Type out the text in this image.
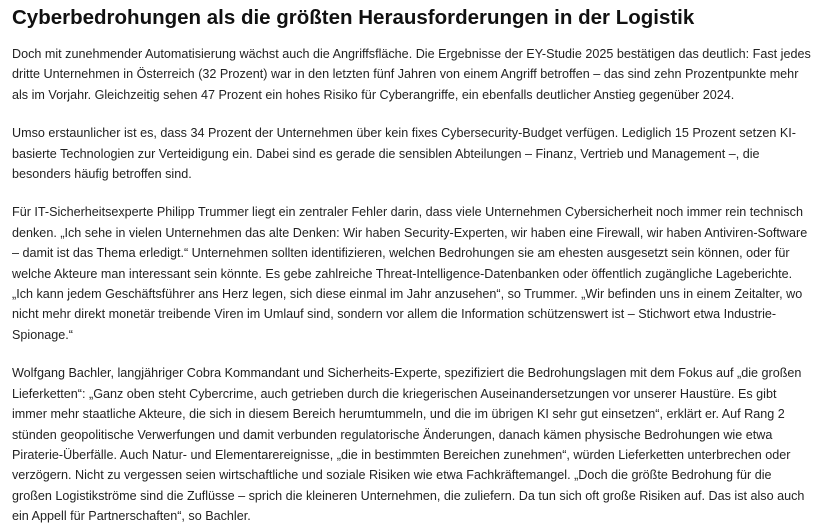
Cyberbedrohungen als die größten Herausforderungen in der Logistik

Doch mit zunehmender Automatisierung wächst auch die Angriffsfläche. Die Ergebnisse der EY-Studie 2025 bestätigen das deutlich: Fast jedes dritte Unternehmen in Österreich (32 Prozent) war in den letzten fünf Jahren von einem Angriff betroffen – das sind zehn Prozentpunkte mehr als im Vorjahr. Gleichzeitig sehen 47 Prozent ein hohes Risiko für Cyberangriffe, ein ebenfalls deutlicher Anstieg gegenüber 2024.

Umso erstaunlicher ist es, dass 34 Prozent der Unternehmen über kein fixes Cybersecurity-Budget verfügen. Lediglich 15 Prozent setzen KI-basierte Technologien zur Verteidigung ein. Dabei sind es gerade die sensiblen Abteilungen – Finanz, Vertrieb und Management –, die besonders häufig betroffen sind.

Für IT-Sicherheitsexperte Philipp Trummer liegt ein zentraler Fehler darin, dass viele Unternehmen Cybersicherheit noch immer rein technisch denken. „Ich sehe in vielen Unternehmen das alte Denken: Wir haben Security-Experten, wir haben eine Firewall, wir haben Antiviren-Software – damit ist das Thema erledigt.“ Unternehmen sollten identifizieren, welchen Bedrohungen sie am ehesten ausgesetzt sein können, oder für welche Akteure man interessant sein könnte. Es gebe zahlreiche Threat-Intelligence-Datenbanken oder öffentlich zugängliche Lageberichte. „Ich kann jedem Geschäftsführer ans Herz legen, sich diese einmal im Jahr anzusehen“, so Trummer. „Wir befinden uns in einem Zeitalter, wo nicht mehr direkt monetär treibende Viren im Umlauf sind, sondern vor allem die Information schützenswert ist – Stichwort etwa Industrie-Spionage.“

Wolfgang Bachler, langjähriger Cobra Kommandant und Sicherheits-Experte, spezifiziert die Bedrohungslagen mit dem Fokus auf „die großen Lieferketten“: „Ganz oben steht Cybercrime, auch getrieben durch die kriegerischen Auseinandersetzungen vor unserer Haustüre. Es gibt immer mehr staatliche Akteure, die sich in diesem Bereich herumtummeln, und die im übrigen KI sehr gut einsetzen“, erklärt er. Auf Rang 2 stünden geopolitische Verwerfungen und damit verbunden regulatorische Änderungen, danach kämen physische Bedrohungen wie etwa Piraterie-Überfälle. Auch Natur- und Elementarereignisse, „die in bestimmten Bereichen zunehmen“, würden Lieferketten unterbrechen oder verzögern. Nicht zu vergessen seien wirtschaftliche und soziale Risiken wie etwa Fachkräftemangel. „Doch die größte Bedrohung für die großen Logistikströme sind die Zuflüsse – sprich die kleineren Unternehmen, die zuliefern. Da tun sich oft große Risiken auf. Das ist also auch ein Appell für Partnerschaften“, so Bachler.
